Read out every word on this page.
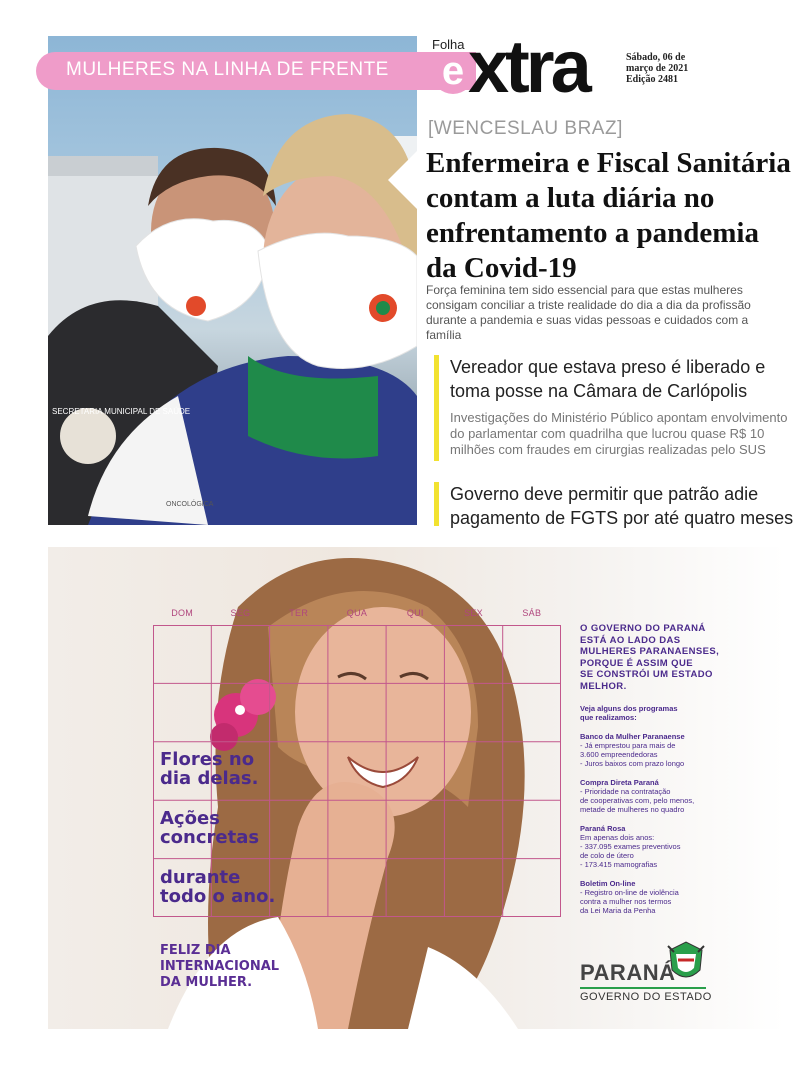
SECRETARIA MUNICIPAL DE SAÚDE
ONCOLÓGICA
MULHERES NA LINHA DE FRENTE
Folha
e xtra	Sábado, 06 de
março de 2021
Edição 2481
[WENCESLAU BRAZ]
Enfermeira e Fiscal Sanitária contam a luta diária no enfrentamento a pandemia da Covid-19
Força feminina tem sido essencial para que estas mulheres consigam conciliar a triste realidade do dia a dia da profissão durante a pandemia e suas vidas pessoas e cuidados com a família
Vereador que estava preso é liberado e toma posse na Câmara de Carlópolis
Investigações do Ministério Público apontam envolvimento do parlamentar com quadrilha que lucrou quase R$ 10 milhões com fraudes em cirurgias realizadas pelo SUS
Governo deve permitir que patrão adie pagamento de FGTS por até quatro meses
DOM	SEG	TER	QUA	QUI	SEX	SÁB
Flores no
dia delas.
Ações
concretas
durante
todo o ano.
FELIZ DIA
INTERNACIONAL
DA MULHER.
O GOVERNO DO PARANÁ
ESTÁ AO LADO DAS
MULHERES PARANAENSES,
PORQUE É ASSIM QUE
SE CONSTRÓI UM ESTADO
MELHOR.
Veja alguns dos programas
que realizamos:
Banco da Mulher Paranaense
- Já emprestou para mais de
3.600 empreendedoras
- Juros baixos com prazo longo
Compra Direta Paraná
- Prioridade na contratação
de cooperativas com, pelo menos,
metade de mulheres no quadro
Paraná Rosa
Em apenas dois anos:
- 337.095 exames preventivos
de colo de útero
- 173.415 mamografias
Boletim On-line
- Registro on-line de violência
contra a mulher nos termos
da Lei Maria da Penha
PARANÁ
GOVERNO DO ESTADO
